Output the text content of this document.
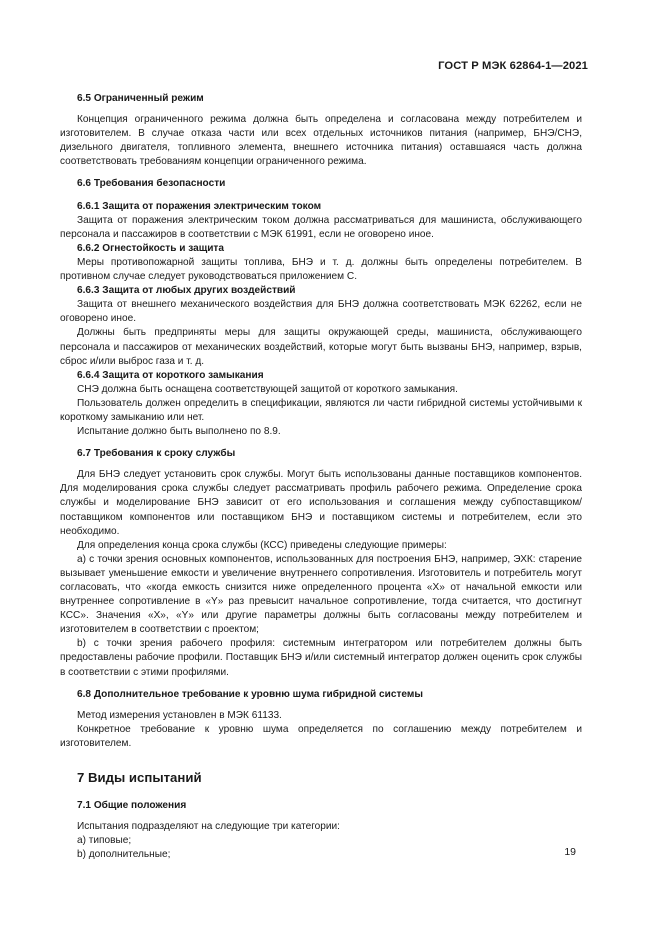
ГОСТ Р МЭК 62864-1—2021

6.5 Ограниченный режим

Концепция ограниченного режима должна быть определена и согласована между потребителем и изготовителем. В случае отказа части или всех отдельных источников питания (например, БНЭ/СНЭ, дизельного двигателя, топливного элемента, внешнего источника питания) оставшаяся часть должна соответствовать требованиям концепции ограниченного режима.

6.6 Требования безопасности

6.6.1 Защита от поражения электрическим током

Защита от поражения электрическим током должна рассматриваться для машиниста, обслуживающего персонала и пассажиров в соответствии с МЭК 61991, если не оговорено иное.

6.6.2 Огнестойкость и защита

Меры противопожарной защиты топлива, БНЭ и т. д. должны быть определены потребителем. В противном случае следует руководствоваться приложением С.

6.6.3 Защита от любых других воздействий

Защита от внешнего механического воздействия для БНЭ должна соответствовать МЭК 62262, если не оговорено иное.

Должны быть предприняты меры для защиты окружающей среды, машиниста, обслуживающего персонала и пассажиров от механических воздействий, которые могут быть вызваны БНЭ, например, взрыв, сброс и/или выброс газа и т. д.

6.6.4 Защита от короткого замыкания

СНЭ должна быть оснащена соответствующей защитой от короткого замыкания.

Пользователь должен определить в спецификации, являются ли части гибридной системы устойчивыми к короткому замыканию или нет.

Испытание должно быть выполнено по 8.9.

6.7 Требования к сроку службы

Для БНЭ следует установить срок службы. Могут быть использованы данные поставщиков компонентов. Для моделирования срока службы следует рассматривать профиль рабочего режима. Определение срока службы и моделирование БНЭ зависит от его использования и соглашения между субпоставщиком/поставщиком компонентов или поставщиком БНЭ и поставщиком системы и потребителем, если это необходимо.

Для определения конца срока службы (КСС) приведены следующие примеры:

а) с точки зрения основных компонентов, использованных для построения БНЭ, например, ЭХК: старение вызывает уменьшение емкости и увеличение внутреннего сопротивления. Изготовитель и потребитель могут согласовать, что «когда емкость снизится ниже определенного процента «X» от начальной емкости или внутреннее сопротивление в «Y» раз превысит начальное сопротивление, тогда считается, что достигнут КСС». Значения «X», «Y» или другие параметры должны быть согласованы между потребителем и изготовителем в соответствии с проектом;

b) с точки зрения рабочего профиля: системным интегратором или потребителем должны быть предоставлены рабочие профили. Поставщик БНЭ и/или системный интегратор должен оценить срок службы в соответствии с этими профилями.

6.8 Дополнительное требование к уровню шума гибридной системы

Метод измерения установлен в МЭК 61133.

Конкретное требование к уровню шума определяется по соглашению между потребителем и изготовителем.

7 Виды испытаний

7.1 Общие положения

Испытания подразделяют на следующие три категории:

а) типовые;

b) дополнительные;	19
